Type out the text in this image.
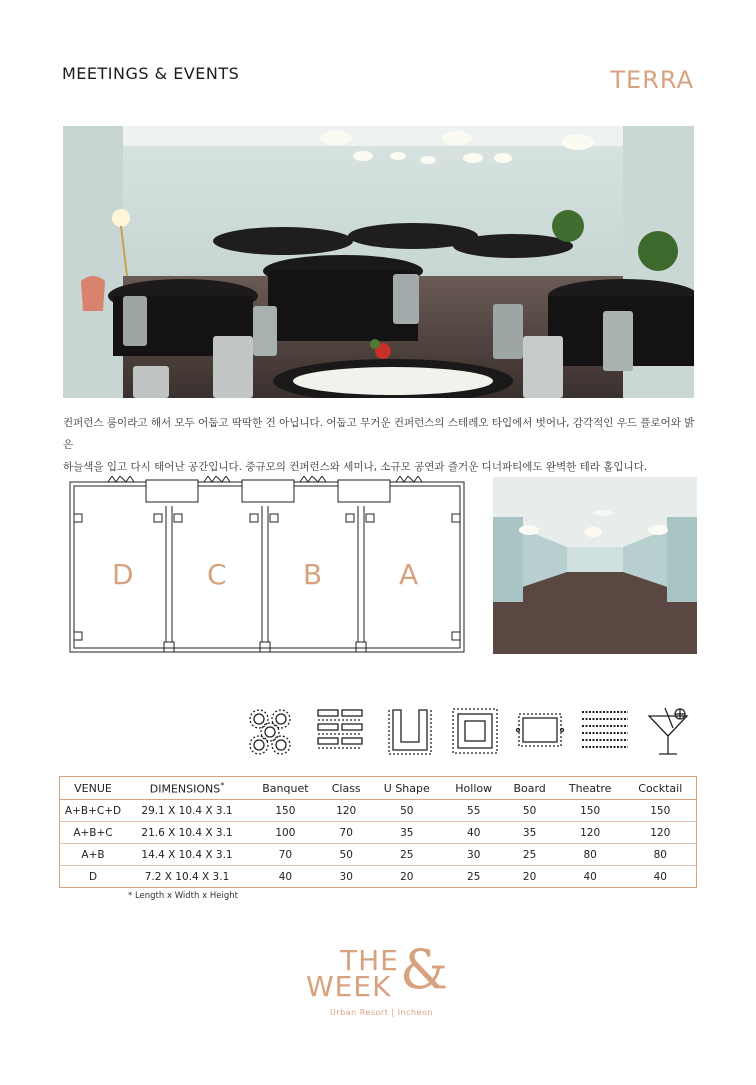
MEETINGS & EVENTS	TERRA
컨퍼런스 룸이라고 해서 모두 어둡고 딱딱한 건 아닙니다. 어둡고 무거운 컨퍼런스의 스테레오 타입에서 벗어나, 감각적인 우드 플로어와 밝은
하늘색을 입고 다시 태어난 공간입니다. 중규모의 컨퍼런스와 세미나, 소규모 공연과 즐거운 디너파티에도 완벽한 테라 홀입니다.
D	C	B	A
VENUE	DIMENSIONS*	Banquet	Class	U Shape	Hollow	Board	Theatre	Cocktail
A+B+C+D	29.1 X 10.4 X 3.1	150	120	50	55	50	150	150
A+B+C	21.6 X 10.4 X 3.1	100	70	35	40	35	120	120
A+B	14.4 X 10.4 X 3.1	70	50	25	30	25	80	80
D	7.2 X 10.4 X 3.1	40	30	20	25	20	40	40
* Length x Width x Height
THE
WEEK &
Urban Resort | Incheon
